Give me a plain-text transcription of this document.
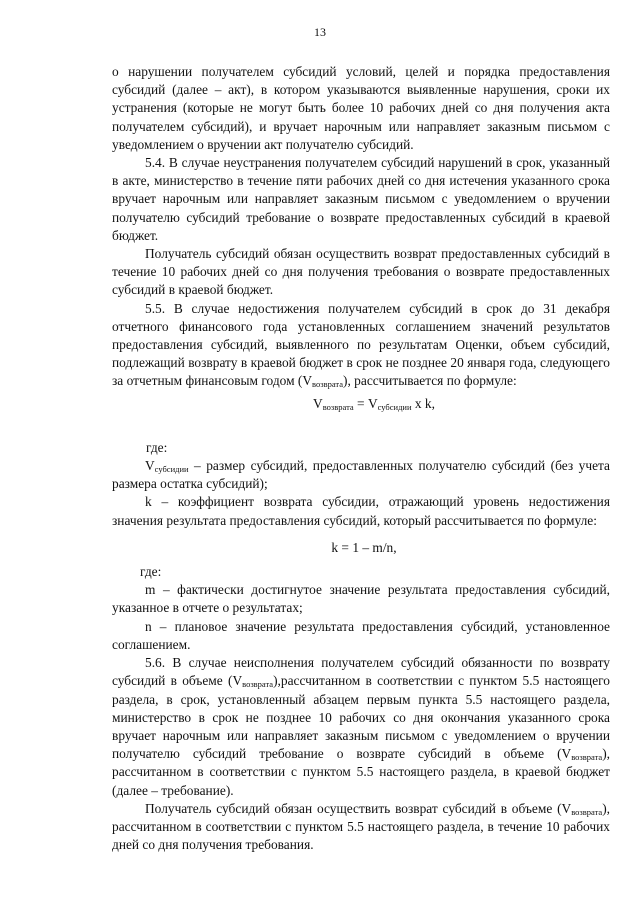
13

о нарушении получателем субсидий условий, целей и порядка предоставления субсидий (далее – акт), в котором указываются выявленные нарушения, сроки их устранения (которые не могут быть более 10 рабочих дней со дня получения акта получателем субсидий), и вручает нарочным или направляет заказным письмом с уведомлением о вручении акт получателю субсидий.

5.4. В случае неустранения получателем субсидий нарушений в срок, указанный в акте, министерство в течение пяти рабочих дней со дня истечения указанного срока вручает нарочным или направляет заказным письмом с уведомлением о вручении получателю субсидий требование о возврате предоставленных субсидий в краевой бюджет.

Получатель субсидий обязан осуществить возврат предоставленных субсидий в течение 10 рабочих дней со дня получения требования о возврате предоставленных субсидий в краевой бюджет.

5.5. В случае недостижения получателем субсидий в срок до 31 декабря отчетного финансового года установленных соглашением значений результатов предоставления субсидий, выявленного по результатам Оценки, объем субсидий, подлежащий возврату в краевой бюджет в срок не позднее 20 января года, следующего за отчетным финансовым годом $(V_{возврата})$, рассчитывается по формуле:

$V_{возврата} = V_{субсидии}$ x k,

где:

$V_{субсидии}$ – размер субсидий, предоставленных получателю субсидий (без учета размера остатка субсидий);

k – коэффициент возврата субсидии, отражающий уровень недостижения значения результата предоставления субсидий, который рассчитывается по формуле:

k = 1 – m/n,

где:

m – фактически достигнутое значение результата предоставления субсидий, указанное в отчете о результатах;

n – плановое значение результата предоставления субсидий, установленное соглашением.

5.6. В случае неисполнения получателем субсидий обязанности по возврату субсидий в объеме $(V_{возврата}),рассчитанном$ в соответствии с пунктом 5.5 настоящего раздела, в срок, установленный абзацем первым пункта 5.5 настоящего раздела, министерство в срок не позднее 10 рабочих со дня окончания указанного срока вручает нарочным или направляет заказным письмом с уведомлением о вручении получателю субсидий требование о возврате субсидий в объеме $(V_{возврата})$, рассчитанном в соответствии с пунктом 5.5 настоящего раздела, в краевой бюджет (далее – требование).

Получатель субсидий обязан осуществить возврат субсидий в объеме $(V_{возврата})$, рассчитанном в соответствии с пунктом 5.5 настоящего раздела, в течение 10 рабочих дней со дня получения требования.
